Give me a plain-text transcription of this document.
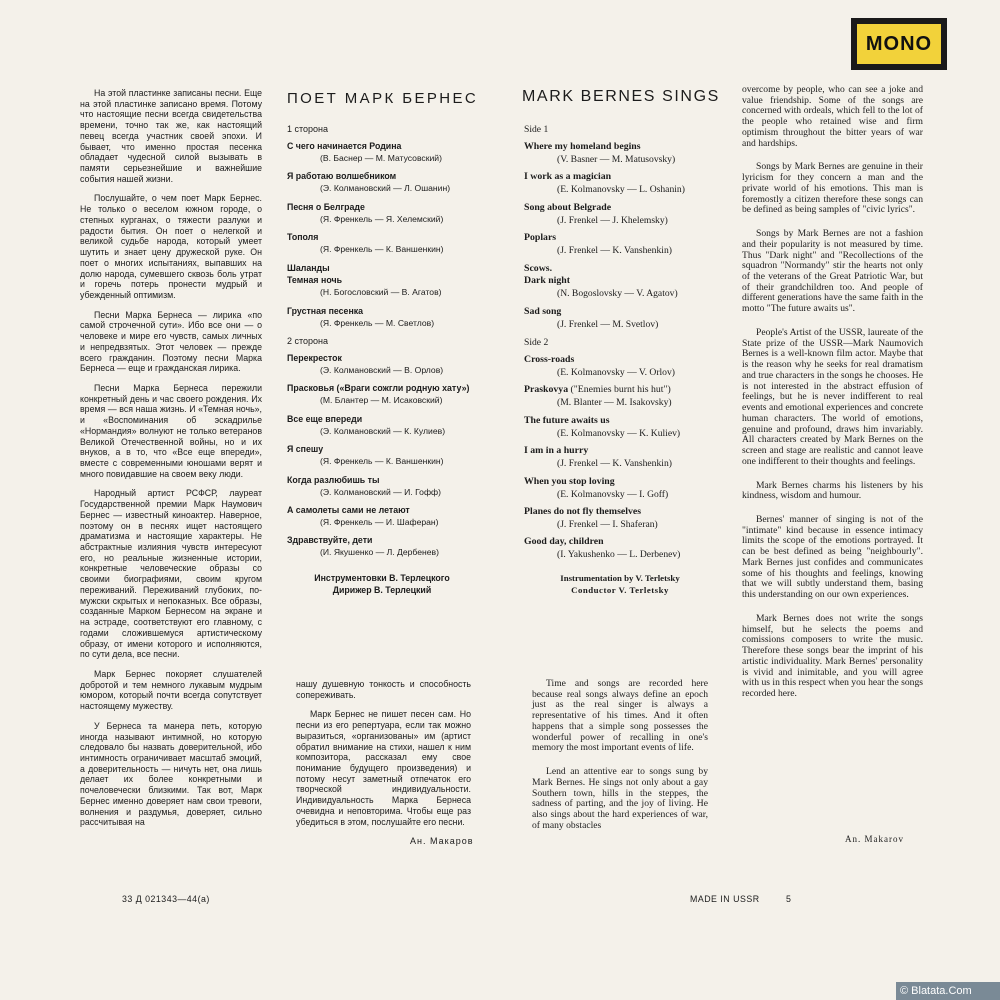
MONO

На этой пластинке записаны песни. Еще на этой пластинке записано время. Потому что настоящие песни всегда свидетельства времени, точно так же, как настоящий певец всегда участник своей эпохи. И бывает, что именно простая песенка обладает чудесной силой вызывать в памяти серьезнейшие и важнейшие события нашей жизни.

Послушайте, о чем поет Марк Бернес. Не только о веселом южном городе, о степных курганах, о тяжести разлуки и радости бытия. Он поет о нелегкой и великой судьбе народа, который умеет шутить и знает цену дружеской руке. Он поет о многих испытаниях, выпавших на долю народа, сумевшего сквозь боль утрат и горечь потерь пронести мудрый и убежденный оптимизм.

Песни Марка Бернеса — лирика «по самой строчечной сути». Ибо все они — о человеке и мире его чувств, самых личных и непредвзятых. Этот человек — прежде всего гражданин. Поэтому песни Марка Бернеса — еще и гражданская лирика.

Песни Марка Бернеса пережили конкретный день и час своего рождения. Их время — вся наша жизнь. И «Темная ночь», и «Воспоминания об эскадрилье «Нормандия» волнуют не только ветеранов Великой Отечественной войны, но и их внуков, а в то, что «Все еще впереди», вместе с современными юношами верят и много повидавшие на своем веку люди.

Народный артист РСФСР, лауреат Государственной премии Марк Наумович Бернес — известный киноактер. Наверное, поэтому он в песнях ищет настоящего драматизма и настоящие характеры. Не абстрактные излияния чувств интересуют его, но реальные жизненные истории, конкретные человеческие образы со своими биографиями, своим кругом переживаний. Переживаний глубоких, по-мужски скрытых и непоказных. Все образы, созданные Марком Бернесом на экране и на эстраде, соответствуют его главному, с годами сложившемуся артистическому образу, от имени которого и исполняются, по сути дела, все песни.

Марк Бернес покоряет слушателей добротой и тем немного лукавым мудрым юмором, который почти всегда сопутствует настоящему мужеству.

У Бернеса та манера петь, которую иногда называют интимной, но которую следовало бы назвать доверительной, ибо интимность ограничивает масштаб эмоций, а доверительность — ничуть нет, она лишь делает их более конкретными и почеловечески близкими. Так вот, Марк Бернес именно доверяет нам свои тревоги, волнения и раздумья, доверяет, сильно рассчитывая на

ПОЕТ МАРК БЕРНЕС
1 сторона
С чего начинается Родина
(В. Баснер — М. Матусовский)
Я работаю волшебником
(Э. Колмановский — Л. Ошанин)
Песня о Белграде
(Я. Френкель — Я. Хелемский)
Тополя
(Я. Френкель — К. Ваншенкин)
Шаланды
Темная ночь
(Н. Богословский — В. Агатов)
Грустная песенка
(Я. Френкель — М. Светлов)
2 сторона
Перекресток
(Э. Колмановский — В. Орлов)
Прасковья («Враги сожгли родную хату»)
(М. Блантер — М. Исаковский)
Все еще впереди
(Э. Колмановский — К. Кулиев)
Я спешу
(Я. Френкель — К. Ваншенкин)
Когда разлюбишь ты
(Э. Колмановский — И. Гофф)
А самолеты сами не летают
(Я. Френкель — И. Шаферан)
Здравствуйте, дети
(И. Якушенко — Л. Дербенев)
Инструментовки В. Терлецкого
Дирижер В. Терлецкий

нашу душевную тонкость и способность сопереживать.

Марк Бернес не пишет песен сам. Но песни из его репертуара, если так можно выразиться, «организованы» им (артист обратил внимание на стихи, нашел к ним композитора, рассказал ему свое понимание будущего произведения) и потому несут заметный отпечаток его творческой индивидуальности. Индивидуальность Марка Бернеса очевидна и неповторима. Чтобы еще раз убедиться в этом, послушайте его песни.

Ан. Макаров
MARK BERNES SINGS
Side 1
Where my homeland begins
(V. Basner — M. Matusovsky)
I work as a magician
(E. Kolmanovsky — L. Oshanin)
Song about Belgrade
(J. Frenkel — J. Khelemsky)
Poplars
(J. Frenkel — K. Vanshenkin)
Scows.
Dark night
(N. Bogoslovsky — V. Agatov)
Sad song
(J. Frenkel — M. Svetlov)
Side 2
Cross-roads
(E. Kolmanovsky — V. Orlov)
Praskovya ("Enemies burnt his hut")
(M. Blanter — M. Isakovsky)
The future awaits us
(E. Kolmanovsky — K. Kuliev)
I am in a hurry
(J. Frenkel — K. Vanshenkin)
When you stop loving
(E. Kolmanovsky — I. Goff)
Planes do not fly themselves
(J. Frenkel — I. Shaferan)
Good day, children
(I. Yakushenko — L. Derbenev)
Instrumentation by V. Terletsky
Conductor V. Terletsky

Time and songs are recorded here because real songs always define an epoch just as the real singer is always a representative of his times. And it often happens that a simple song possesses the wonderful power of recalling in one's memory the most important events of life.

Lend an attentive ear to songs sung by Mark Bernes. He sings not only about a gay Southern town, hills in the steppes, the sadness of parting, and the joy of living. He also sings about the hard experiences of war, of many obstacles

overcome by people, who can see a joke and value friendship. Some of the songs are concerned with ordeals, which fell to the lot of the people who retained wise and firm optimism throughout the bitter years of war and hardships.

Songs by Mark Bernes are genuine in their lyricism for they concern a man and the private world of his emotions. This man is foremostly a citizen therefore these songs can be defined as being samples of "civic lyrics".

Songs by Mark Bernes are not a fashion and their popularity is not measured by time. Thus "Dark night" and "Recollections of the squadron "Normandy" stir the hearts not only of the veterans of the Great Patriotic War, but of their grandchildren too. And people of different generations have the same faith in the motto "The future awaits us".

People's Artist of the USSR, laureate of the State prize of the USSR—Mark Naumovich Bernes is a well-known film actor. Maybe that is the reason why he seeks for real dramatism and true characters in the songs he chooses. He is not interested in the abstract effusion of feelings, but he is never indifferent to real events and emotional experiences and concrete human characters. The world of emotions, genuine and profound, draws him invariably. All characters created by Mark Bernes on the screen and stage are realistic and cannot leave one indifferent to their thoughts and feelings.

Mark Bernes charms his listeners by his kindness, wisdom and humour.

Bernes' manner of singing is not of the "intimate" kind because in essence intimacy limits the scope of the emotions portrayed. It can be best defined as being "neighbourly". Mark Bernes just confides and communicates some of his thoughts and feelings, knowing that we will subtly understand them, basing this understanding on our own experiences.

Mark Bernes does not write the songs himself, but he selects the poems and comissions composers to write the music. Therefore these songs bear the imprint of his artistic individuality. Mark Bernes' personality is vivid and inimitable, and you will agree with us in this respect when you hear the songs recorded here.

An. Makarov
33 Д 021343—44(а)	MADE IN USSR	5
© Blatata.Com
